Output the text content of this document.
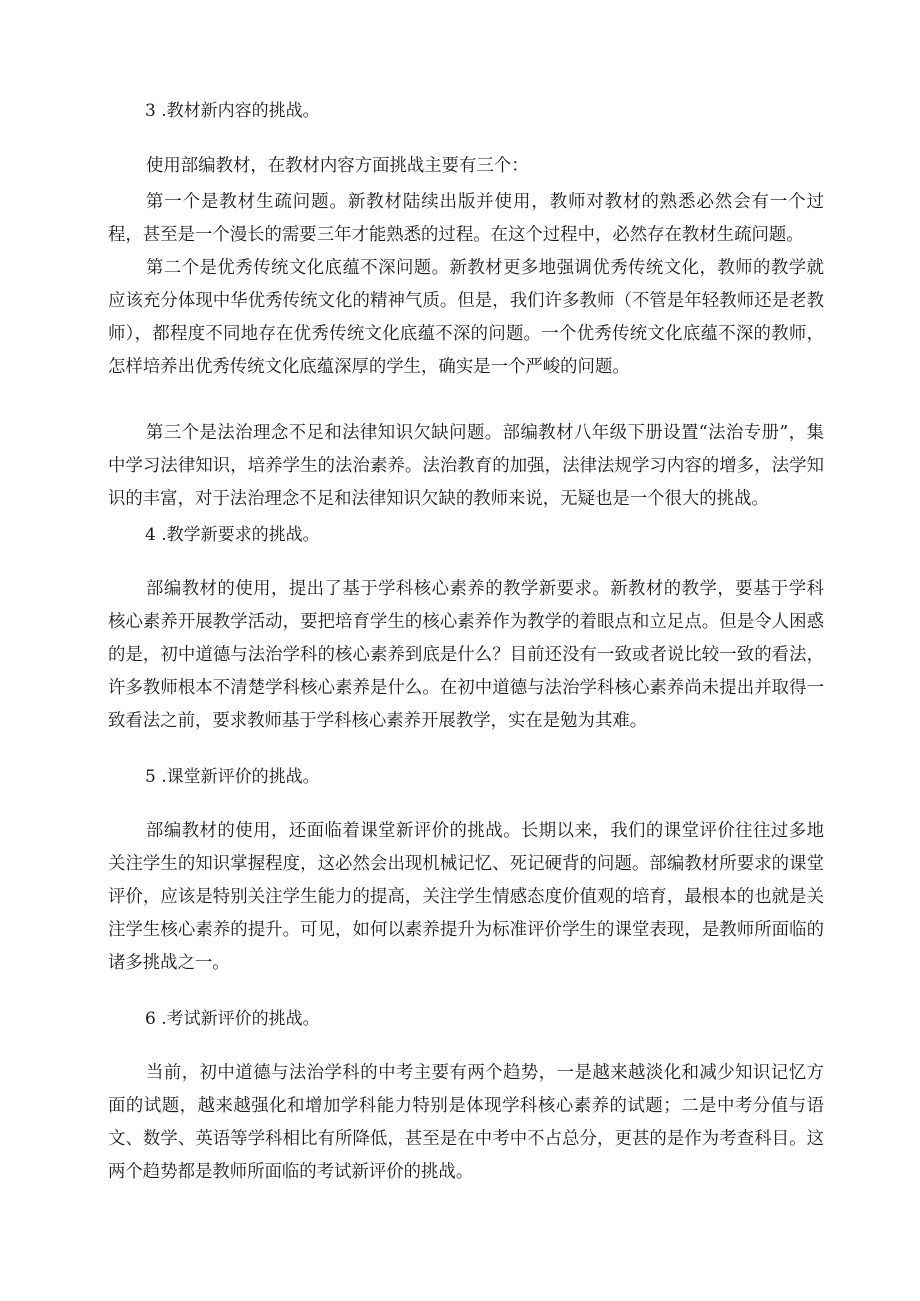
3 .教材新内容的挑战。

使用部编教材，在教材内容方面挑战主要有三个：

第一个是教材生疏问题。新教材陆续出版并使用，教师对教材的熟悉必然会有一个过程，甚至是一个漫长的需要三年才能熟悉的过程。在这个过程中，必然存在教材生疏问题。

第二个是优秀传统文化底蕴不深问题。新教材更多地强调优秀传统文化，教师的教学就应该充分体现中华优秀传统文化的精神气质。但是，我们许多教师（不管是年轻教师还是老教师），都程度不同地存在优秀传统文化底蕴不深的问题。一个优秀传统文化底蕴不深的教师，怎样培养出优秀传统文化底蕴深厚的学生，确实是一个严峻的问题。

第三个是法治理念不足和法律知识欠缺问题。部编教材八年级下册设置“法治专册”，集中学习法律知识，培养学生的法治素养。法治教育的加强，法律法规学习内容的增多，法学知识的丰富，对于法治理念不足和法律知识欠缺的教师来说，无疑也是一个很大的挑战。

4 .教学新要求的挑战。

部编教材的使用，提出了基于学科核心素养的教学新要求。新教材的教学，要基于学科核心素养开展教学活动，要把培育学生的核心素养作为教学的着眼点和立足点。但是令人困惑的是，初中道德与法治学科的核心素养到底是什么？目前还没有一致或者说比较一致的看法，许多教师根本不清楚学科核心素养是什么。在初中道德与法治学科核心素养尚未提出并取得一致看法之前，要求教师基于学科核心素养开展教学，实在是勉为其难。

5 .课堂新评价的挑战。

部编教材的使用，还面临着课堂新评价的挑战。长期以来，我们的课堂评价往往过多地关注学生的知识掌握程度，这必然会出现机械记忆、死记硬背的问题。部编教材所要求的课堂评价，应该是特别关注学生能力的提高，关注学生情感态度价值观的培育，最根本的也就是关注学生核心素养的提升。可见，如何以素养提升为标准评价学生的课堂表现，是教师所面临的诸多挑战之一。

6 .考试新评价的挑战。

当前，初中道德与法治学科的中考主要有两个趋势，一是越来越淡化和减少知识记忆方面的试题，越来越强化和增加学科能力特别是体现学科核心素养的试题；二是中考分值与语文、数学、英语等学科相比有所降低，甚至是在中考中不占总分，更甚的是作为考查科目。这两个趋势都是教师所面临的考试新评价的挑战。
